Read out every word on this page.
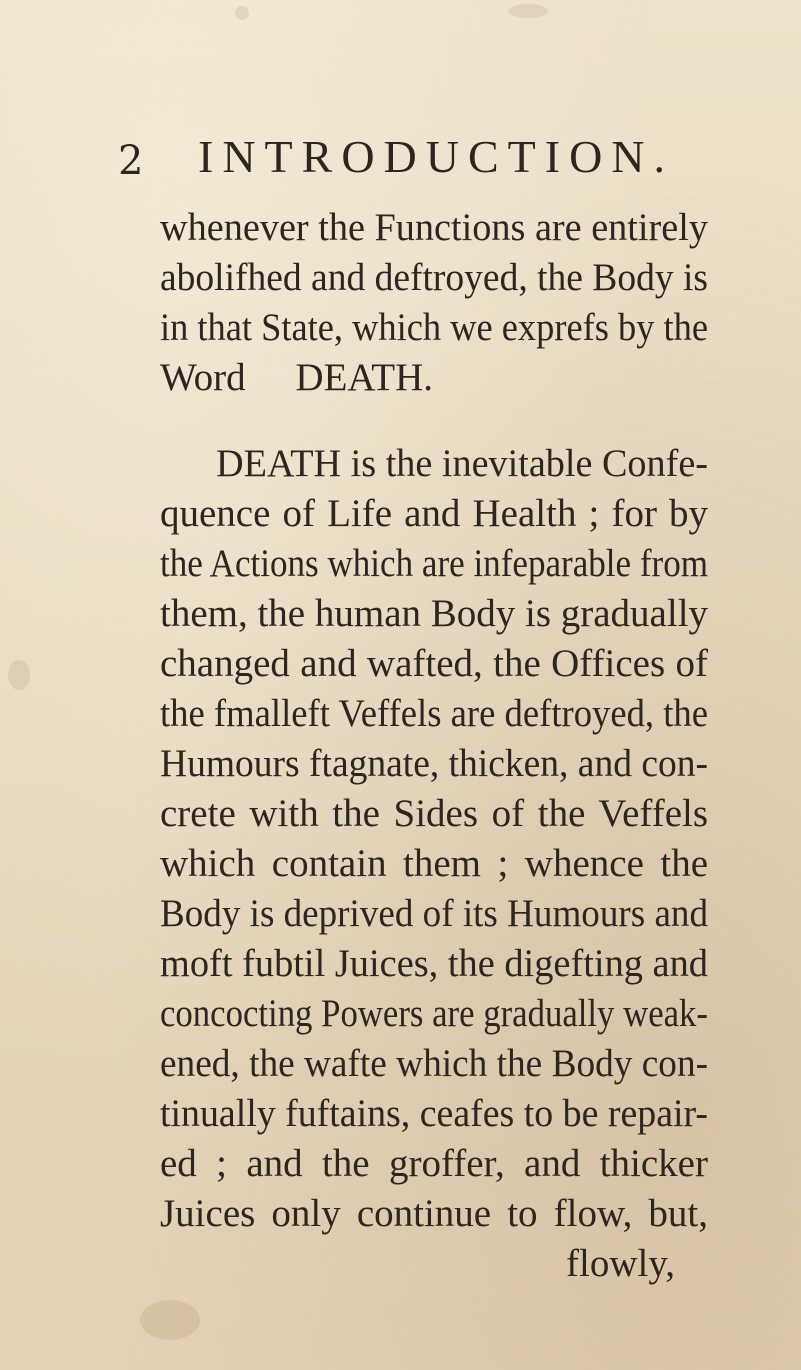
2 INTRODUCTION.
whenever the Functions are entirely
abolifhed and deftroyed, the Body is
in that State, which we exprefs by the
Word DEATH.
DEATH is the inevitable Confe-
quence of Life and Health ; for by
the Actions which are infeparable from
them, the human Body is gradually
changed and wafted, the Offices of
the fmalleft Veffels are deftroyed, the
Humours ftagnate, thicken, and con-
crete with the Sides of the Veffels
which contain them ; whence the
Body is deprived of its Humours and
moft fubtil Juices, the digefting and
concocting Powers are gradually weak-
ened, the wafte which the Body con-
tinually fuftains, ceafes to be repair-
ed ; and the groffer, and thicker
Juices only continue to flow, but,
flowly,
